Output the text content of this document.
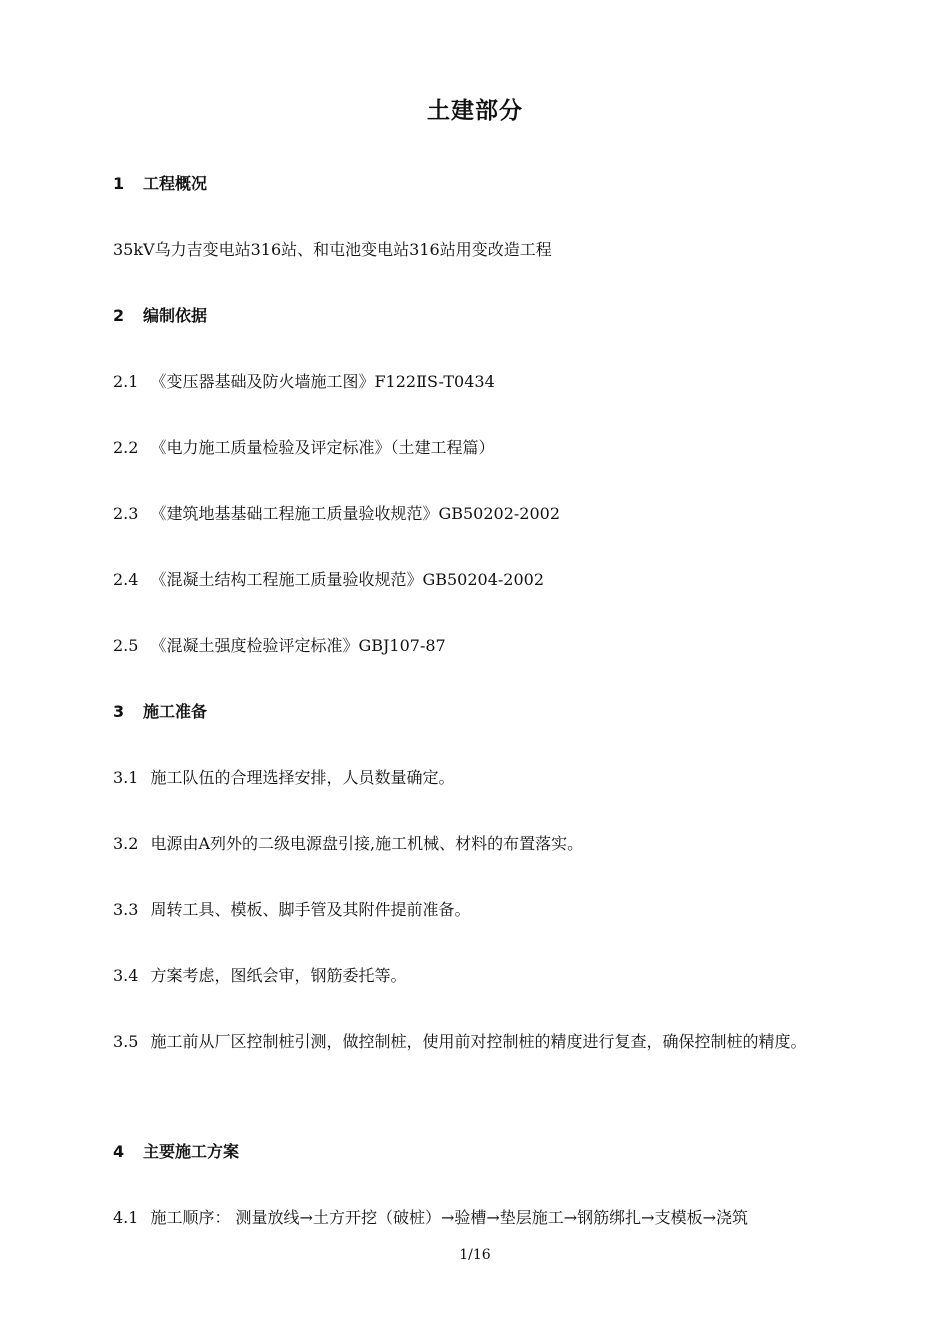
土建部分
1 工程概况
35kV乌力吉变电站316站、和屯池变电站316站用变改造工程
2 编制依据
2.1 《变压器基础及防火墙施工图》F122ⅡS-T0434
2.2 《电力施工质量检验及评定标准》（土建工程篇）
2.3 《建筑地基基础工程施工质量验收规范》GB50202-2002
2.4 《混凝土结构工程施工质量验收规范》GB50204-2002
2.5 《混凝土强度检验评定标准》GBJ107-87
3 施工准备
3.1 施工队伍的合理选择安排，人员数量确定。
3.2 电源由A列外的二级电源盘引接,施工机械、材料的布置落实。
3.3 周转工具、模板、脚手管及其附件提前准备。
3.4 方案考虑，图纸会审，钢筋委托等。
3.5 施工前从厂区控制桩引测，做控制桩，使用前对控制桩的精度进行复查，确保控制桩的精度。
4 主要施工方案
4.1 施工顺序： 测量放线→土方开挖（破桩）→验槽→垫层施工→钢筋绑扎→支模板→浇筑
1/16
